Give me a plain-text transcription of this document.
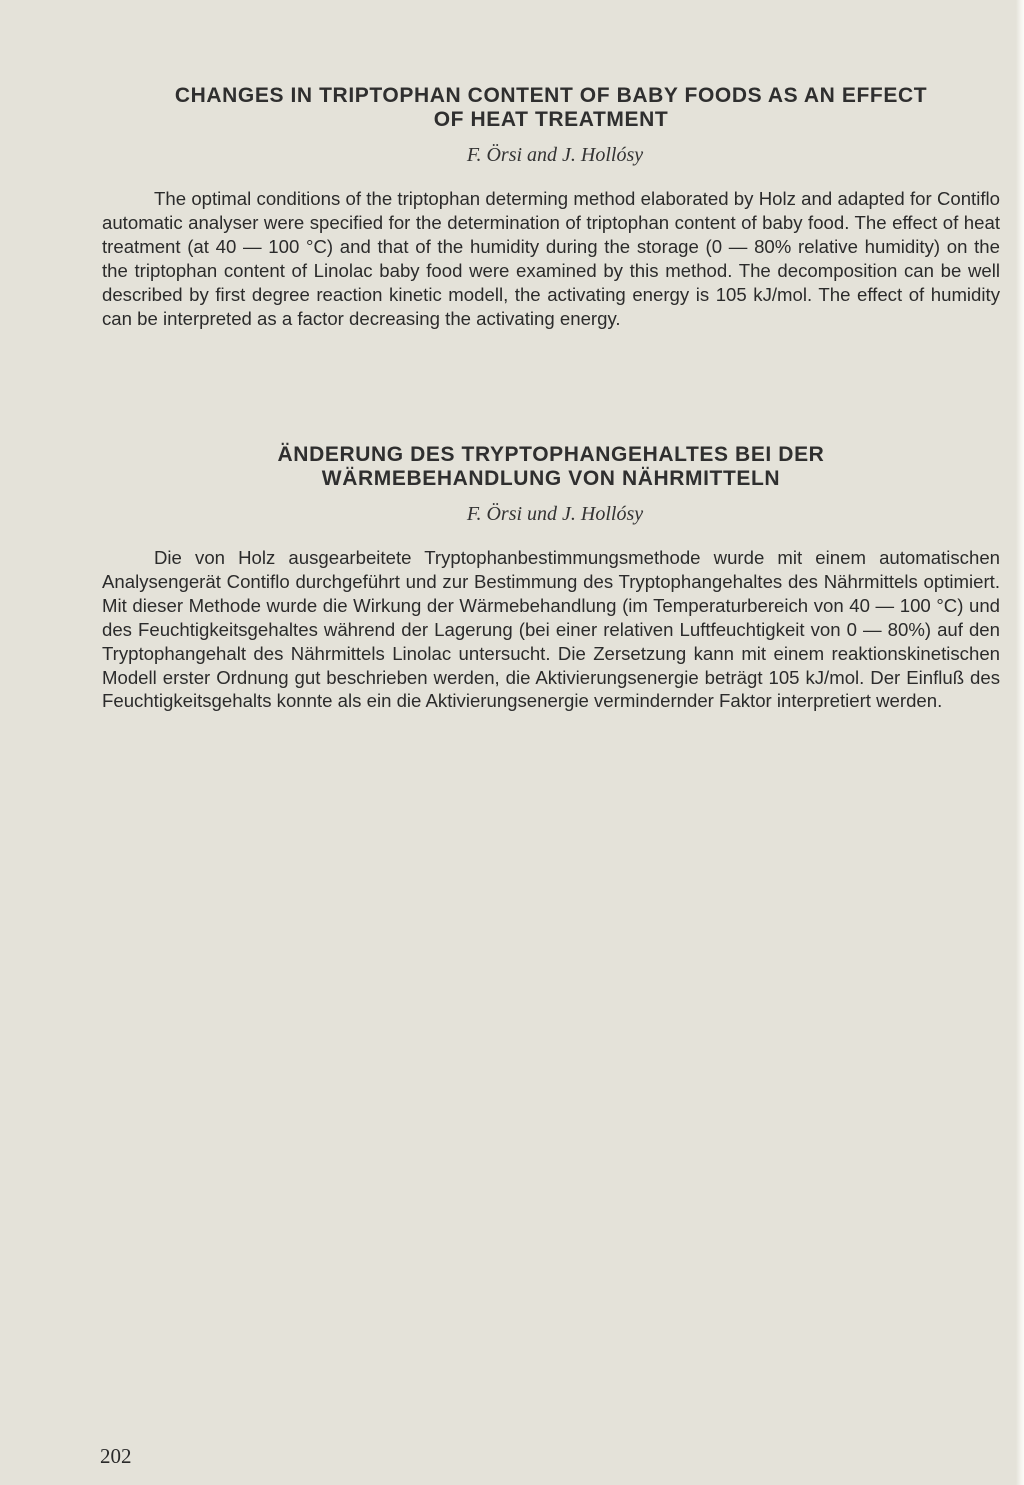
CHANGES IN TRIPTOPHAN CONTENT OF BABY FOODS AS AN EFFECT
OF HEAT TREATMENT
F. Örsi and J. Hollósy

The optimal conditions of the triptophan determing method elaborated by Holz and adapted for Contiflo automatic analyser were specified for the determination of triptophan content of baby food. The effect of heat treatment (at 40 — 100 °C) and that of the humidity during the storage (0 — 80% relative humidity) on the the triptophan content of Linolac baby food were examined by this method. The decomposition can be well described by first degree reaction kinetic modell, the activating energy is 105 kJ/mol. The effect of humidity can be interpreted as a factor decreasing the activating energy.

ÄNDERUNG DES TRYPTOPHANGEHALTES BEI DER
WÄRMEBEHANDLUNG VON NÄHRMITTELN
F. Örsi und J. Hollósy

Die von Holz ausgearbeitete Tryptophanbestimmungsmethode wurde mit einem automatischen Analysengerät Contiflo durchgeführt und zur Bestimmung des Tryptophangehaltes des Nährmittels optimiert. Mit dieser Methode wurde die Wirkung der Wärmebehandlung (im Temperaturbereich von 40 — 100 °C) und des Feuchtigkeitsgehaltes während der Lagerung (bei einer relativen Luftfeuchtigkeit von 0 — 80%) auf den Tryptophangehalt des Nährmittels Linolac untersucht. Die Zersetzung kann mit einem reaktionskinetischen Modell erster Ordnung gut beschrieben werden, die Aktivierungsenergie beträgt 105 kJ/mol. Der Einfluß des Feuchtigkeitsgehalts konnte als ein die Aktivierungsenergie vermindernder Faktor interpretiert werden.

202
